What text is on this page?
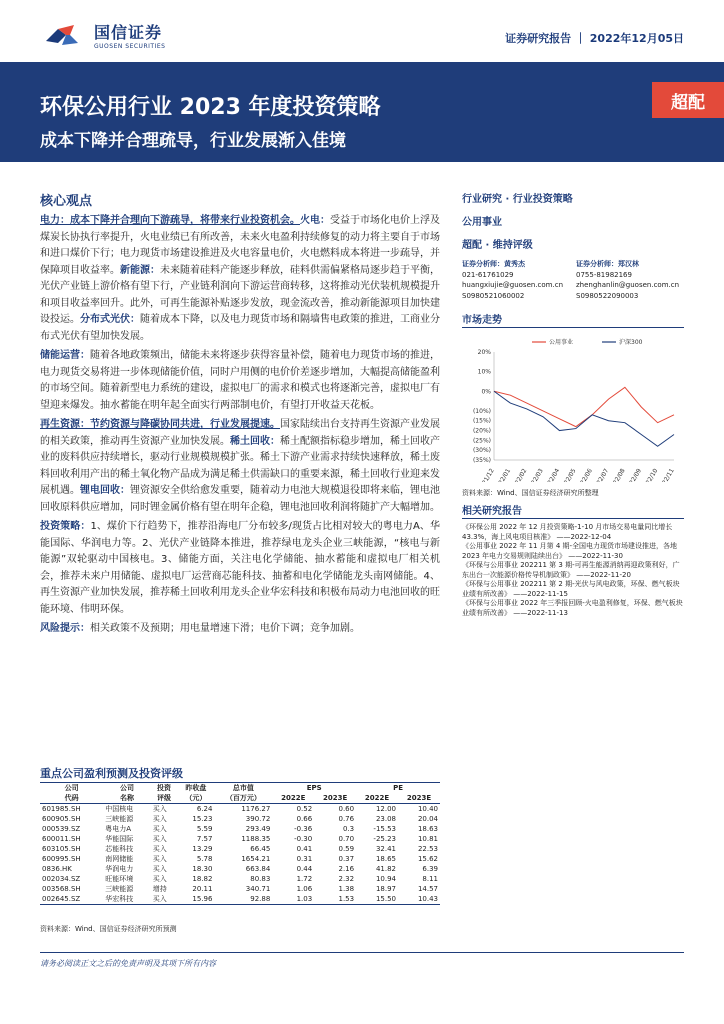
国信证券
GUOSEN SECURITIES
证券研究报告 ｜ 2022年12月05日
环保公用行业 2023 年度投资策略
成本下降并合理疏导，行业发展渐入佳境
超配
核心观点

电力：成本下降并合理向下游疏导，将带来行业投资机会。火电：受益于市场化电价上浮及煤炭长协执行率提升，火电业绩已有所改善，未来火电盈利持续修复的动力将主要自于市场和进口煤价下行；电力现货市场建设推进及火电容量电价，火电燃料成本将进一步疏导，并保障项目收益率。新能源：未来随着硅料产能逐步释放，硅料供需偏紧格局逐步趋于平衡，光伏产业链上游价格有望下行，产业链利润向下游运营商转移，这将推动光伏装机规模提升和项目收益率回升。此外，可再生能源补贴逐步发放，现金流改善，推动新能源项目加快建设投运。分布式光伏：随着成本下降，以及电力现货市场和隔墙售电政策的推进，工商业分布式光伏有望加快发展。

储能运营：随着各地政策频出，储能未来将逐步获得容量补偿，随着电力现货市场的推进，电力现货交易将进一步体现储能价值，同时户用侧的电价价差逐步增加，大幅提高储能盈利的市场空间。随着新型电力系统的建设，虚拟电厂的需求和模式也将逐渐完善，虚拟电厂有望迎来爆发。抽水蓄能在明年起全面实行两部制电价，有望打开收益天花板。

再生资源：节约资源与降碳协同共进，行业发展提速。国家陆续出台支持再生资源产业发展的相关政策，推动再生资源产业加快发展。稀土回收：稀土配额指标稳步增加，稀土回收产业的废料供应持续增长，驱动行业规模规模扩张。稀土下游产业需求持续快速释放，稀土废料回收利用产出的稀土氧化物产品成为满足稀土供需缺口的重要来源，稀土回收行业迎来发展机遇。锂电回收：锂资源安全供给愈发重要，随着动力电池大规模退役即将来临，锂电池回收原料供应增加，同时锂金属价格有望在明年企稳，锂电池回收利润将随扩产大幅增加。

投资策略：1、煤价下行趋势下，推荐沿海电厂分布较多/现货占比相对较大的粤电力A、华能国际、华润电力等。2、光伏产业链降本推进，推荐绿电龙头企业三峡能源，“核电与新能源”双轮驱动中国核电。3、储能方面，关注电化学储能、抽水蓄能和虚拟电厂相关机会，推荐未来户用储能、虚拟电厂运营商芯能科技、抽蓄和电化学储能龙头南网储能。4、再生资源产业加快发展，推荐稀土回收利用龙头企业华宏科技和积极布局动力电池回收的旺能环境、伟明环保。

风险提示：相关政策不及预期；用电量增速下滑；电价下调；竞争加剧。

重点公司盈利预测及投资评级
公司	公司	投资	昨收盘	总市值	EPS		PE	
代码	名称	评级	（元）	（百万元）	2022E	2023E	2022E	2023E
601985.SH	中国核电	买入	6.24	1176.27	0.52	0.60	12.00	10.40
600905.SH	三峡能源	买入	15.23	390.72	0.66	0.76	23.08	20.04
000539.SZ	粤电力A	买入	5.59	293.49	-0.36	0.3	-15.53	18.63
600011.SH	华能国际	买入	7.57	1188.35	-0.30	0.70	-25.23	10.81
603105.SH	芯能科技	买入	13.29	66.45	0.41	0.59	32.41	22.53
600995.SH	南网储能	买入	5.78	1654.21	0.31	0.37	18.65	15.62
0836.HK	华润电力	买入	18.30	663.84	0.44	2.16	41.82	6.39
002034.SZ	旺能环境	买入	18.82	80.83	1.72	2.32	10.94	8.11
003568.SH	三峡能源	增持	20.11	340.71	1.06	1.38	18.97	14.57
002645.SZ	华宏科技	买入	15.96	92.88	1.03	1.53	15.50	10.43
资料来源：Wind、国信证券经济研究所预测
行业研究 · 行业投资策略
公用事业
超配 · 维持评级
证券分析师：黄秀杰
021-61761029
huangxiujie@guosen.com.cn
S0980521060002
证券分析师：郑汉林
0755-81982169
zhenghanlin@guosen.com.cn
S0980522090003
市场走势
20%
10%
0%
(10%)
(15%)
(20%)
(25%)
(30%)
(35%)
21/12 22/01 22/02 22/03 22/04 22/05 22/06 22/07 22/08 22/09 22/10 22/11
公用事业	沪深300
资料来源：Wind、国信证券经济研究所整理
相关研究报告
《环保公用 2022 年 12 月投资策略-1-10 月市场交易电量同比增长 43.3%，海上风电项目核准》 ——2022-12-04
《公用事业 2022 年 11 月第 4 期-全国电力现货市场建设推进，各地 2023 年电力交易规则陆续出台》 ——2022-11-30
《环保与公用事业 202211 第 3 期-可再生能源消纳再迎政策利好，广东出台一次能源价格传导机制政策》 ——2022-11-20
《环保与公用事业 202211 第 2 期-光伏与风电政策，环保、燃气板块业绩有所改善》 ——2022-11-15
《环保与公用事业 2022 年三季报回顾-火电盈利修复，环保、燃气板块业绩有所改善》 ——2022-11-13
请务必阅读正文之后的免责声明及其项下所有内容
